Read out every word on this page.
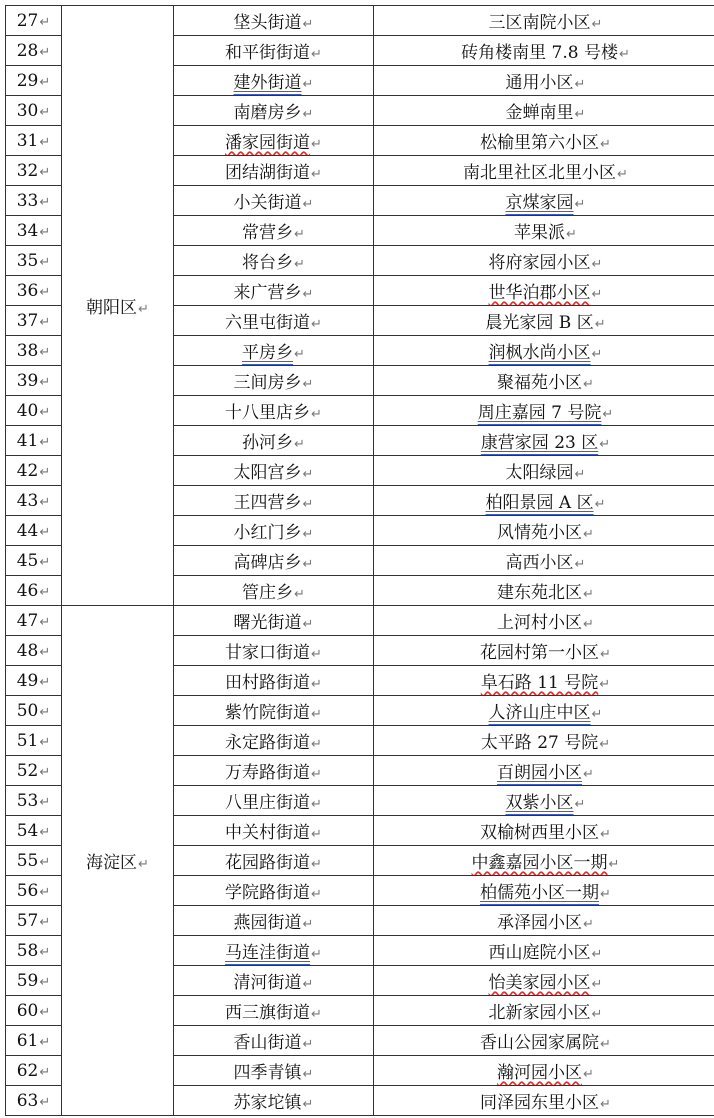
27↵	朝阳区↵	垡头街道↵	三区南院小区↵
28↵		和平街街道↵	砖角楼南里 7.8 号楼↵
29↵		建外街道↵	通用小区↵
30↵		南磨房乡↵	金蝉南里↵
31↵		潘家园街道↵	松榆里第六小区↵
32↵		团结湖街道↵	南北里社区北里小区↵
33↵		小关街道↵	京煤家园↵
34↵		常营乡↵	苹果派↵
35↵		将台乡↵	将府家园小区↵
36↵		来广营乡↵	世华泊郡小区↵
37↵		六里屯街道↵	晨光家园 B 区↵
38↵		平房乡↵	润枫水尚小区↵
39↵		三间房乡↵	聚福苑小区↵
40↵		十八里店乡↵	周庄嘉园 7 号院↵
41↵		孙河乡↵	康营家园 23 区↵
42↵		太阳宫乡↵	太阳绿园↵
43↵		王四营乡↵	柏阳景园 A 区↵
44↵		小红门乡↵	风情苑小区↵
45↵		高碑店乡↵	高西小区↵
46↵		管庄乡↵	建东苑北区↵
47↵	海淀区↵	曙光街道↵	上河村小区↵
48↵		甘家口街道↵	花园村第一小区↵
49↵		田村路街道↵	阜石路 11 号院↵
50↵		紫竹院街道↵	人济山庄中区↵
51↵		永定路街道↵	太平路 27 号院↵
52↵		万寿路街道↵	百朗园小区↵
53↵		八里庄街道↵	双紫小区↵
54↵		中关村街道↵	双榆树西里小区↵
55↵		花园路街道↵	中鑫嘉园小区一期↵
56↵		学院路街道↵	柏儒苑小区一期↵
57↵		燕园街道↵	承泽园小区↵
58↵		马连洼街道↵	西山庭院小区↵
59↵		清河街道↵	怡美家园小区↵
60↵		西三旗街道↵	北新家园小区↵
61↵		香山街道↵	香山公园家属院↵
62↵		四季青镇↵	瀚河园小区↵
63↵		苏家坨镇↵	同泽园东里小区↵
